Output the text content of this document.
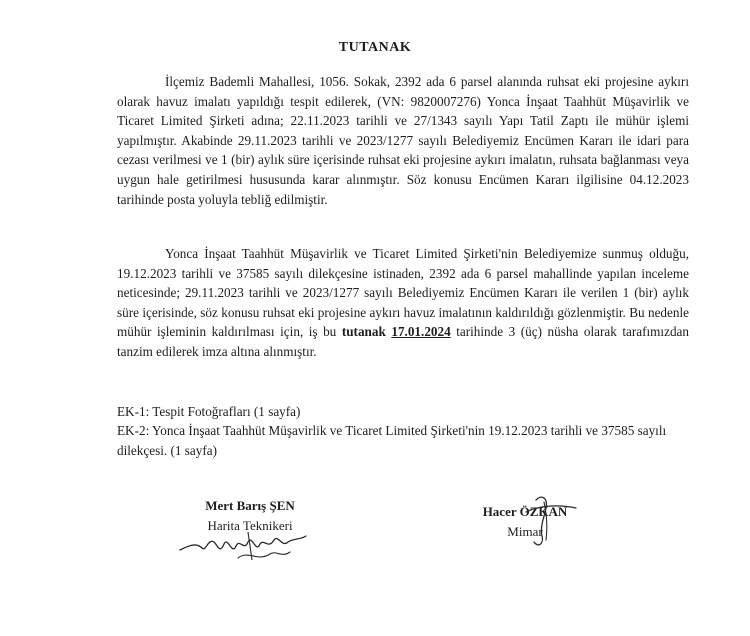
TUTANAK

İlçemiz Bademli Mahallesi, 1056. Sokak, 2392 ada 6 parsel alanında ruhsat eki projesine aykırı olarak havuz imalatı yapıldığı tespit edilerek, (VN: 9820007276) Yonca İnşaat Taahhüt Müşavirlik ve Ticaret Limited Şirketi adına; 22.11.2023 tarihli ve 27/1343 sayılı Yapı Tatil Zaptı ile mühür işlemi yapılmıştır. Akabinde 29.11.2023 tarihli ve 2023/1277 sayılı Belediyemiz Encümen Kararı ile idari para cezası verilmesi ve 1 (bir) aylık süre içerisinde ruhsat eki projesine aykırı imalatın, ruhsata bağlanması veya uygun hale getirilmesi hususunda karar alınmıştır. Söz konusu Encümen Kararı ilgilisine 04.12.2023 tarihinde posta yoluyla tebliğ edilmiştir.

Yonca İnşaat Taahhüt Müşavirlik ve Ticaret Limited Şirketi'nin Belediyemize sunmuş olduğu, 19.12.2023 tarihli ve 37585 sayılı dilekçesine istinaden, 2392 ada 6 parsel mahallinde yapılan inceleme neticesinde; 29.11.2023 tarihli ve 2023/1277 sayılı Belediyemiz Encümen Kararı ile verilen 1 (bir) aylık süre içerisinde, söz konusu ruhsat eki projesine aykırı havuz imalatının kaldırıldığı gözlenmiştir. Bu nedenle mühür işleminin kaldırılması için, iş bu tutanak 17.01.2024 tarihinde 3 (üç) nüsha olarak tarafımızdan tanzim edilerek imza altına alınmıştır.

EK-1: Tespit Fotoğrafları (1 sayfa)

EK-2: Yonca İnşaat Taahhüt Müşavirlik ve Ticaret Limited Şirketi'nin 19.12.2023 tarihli ve 37585 sayılı dilekçesi. (1 sayfa)

Mert Barış ŞEN
Harita Teknikeri
Hacer ÖZKAN
Mimar
